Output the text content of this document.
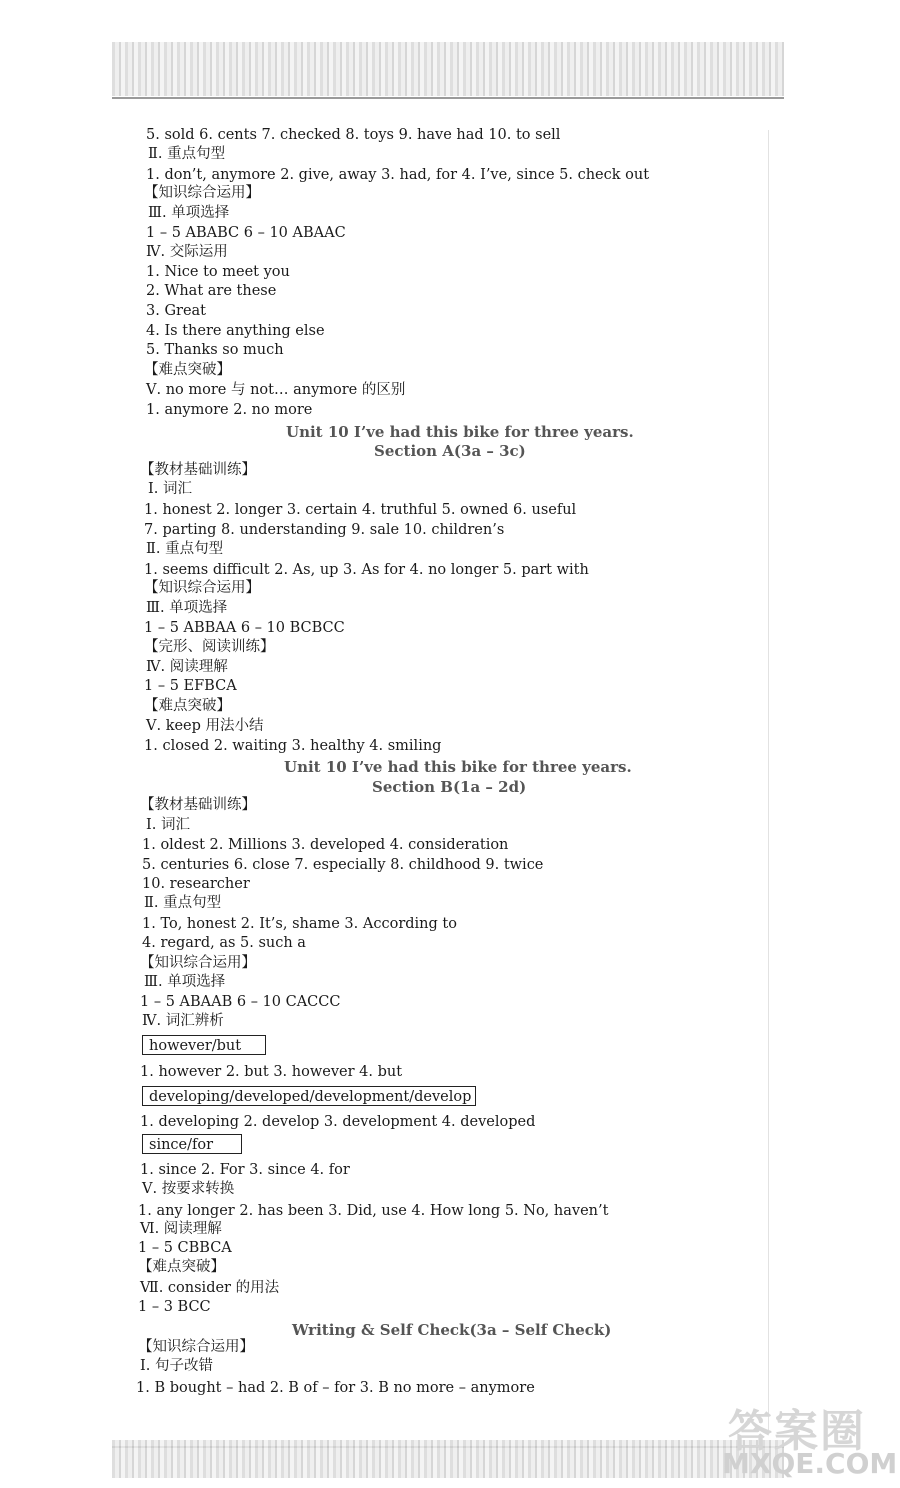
5. sold 6. cents 7. checked 8. toys 9. have had 10. to sell
Ⅱ. 重点句型
1. don’t, anymore 2. give, away 3. had, for 4. I’ve, since 5. check out
【知识综合运用】
Ⅲ. 单项选择
1 – 5 ABABC 6 – 10 ABAAC
Ⅳ. 交际运用
1. Nice to meet you
2. What are these
3. Great
4. Is there anything else
5. Thanks so much
【难点突破】
Ⅴ. no more 与 not… anymore 的区别
1. anymore 2. no more
Unit 10 I’ve had this bike for three years.
Section A(3a – 3c)
【教材基础训练】
Ⅰ. 词汇
1. honest 2. longer 3. certain 4. truthful 5. owned 6. useful
7. parting 8. understanding 9. sale 10. children’s
Ⅱ. 重点句型
1. seems difficult 2. As, up 3. As for 4. no longer 5. part with
【知识综合运用】
Ⅲ. 单项选择
1 – 5 ABBAA 6 – 10 BCBCC
【完形、阅读训练】
Ⅳ. 阅读理解
1 – 5 EFBCA
【难点突破】
Ⅴ. keep 用法小结
1. closed 2. waiting 3. healthy 4. smiling
Unit 10 I’ve had this bike for three years.
Section B(1a – 2d)
【教材基础训练】
Ⅰ. 词汇
1. oldest 2. Millions 3. developed 4. consideration
5. centuries 6. close 7. especially 8. childhood 9. twice
10. researcher
Ⅱ. 重点句型
1. To, honest 2. It’s, shame 3. According to
4. regard, as 5. such a
【知识综合运用】
Ⅲ. 单项选择
1 – 5 ABAAB 6 – 10 CACCC
Ⅳ. 词汇辨析
however/but
1. however 2. but 3. however 4. but
developing/developed/development/develop
1. developing 2. develop 3. development 4. developed
since/for
1. since 2. For 3. since 4. for
Ⅴ. 按要求转换
1. any longer 2. has been 3. Did, use 4. How long 5. No, haven’t
Ⅵ. 阅读理解
1 – 5 CBBCA
【难点突破】
Ⅶ. consider 的用法
1 – 3 BCC
Writing & Self Check(3a – Self Check)
【知识综合运用】
Ⅰ. 句子改错
1. B bought – had 2. B of – for 3. B no more – anymore
答案圈
MXQE.COM
